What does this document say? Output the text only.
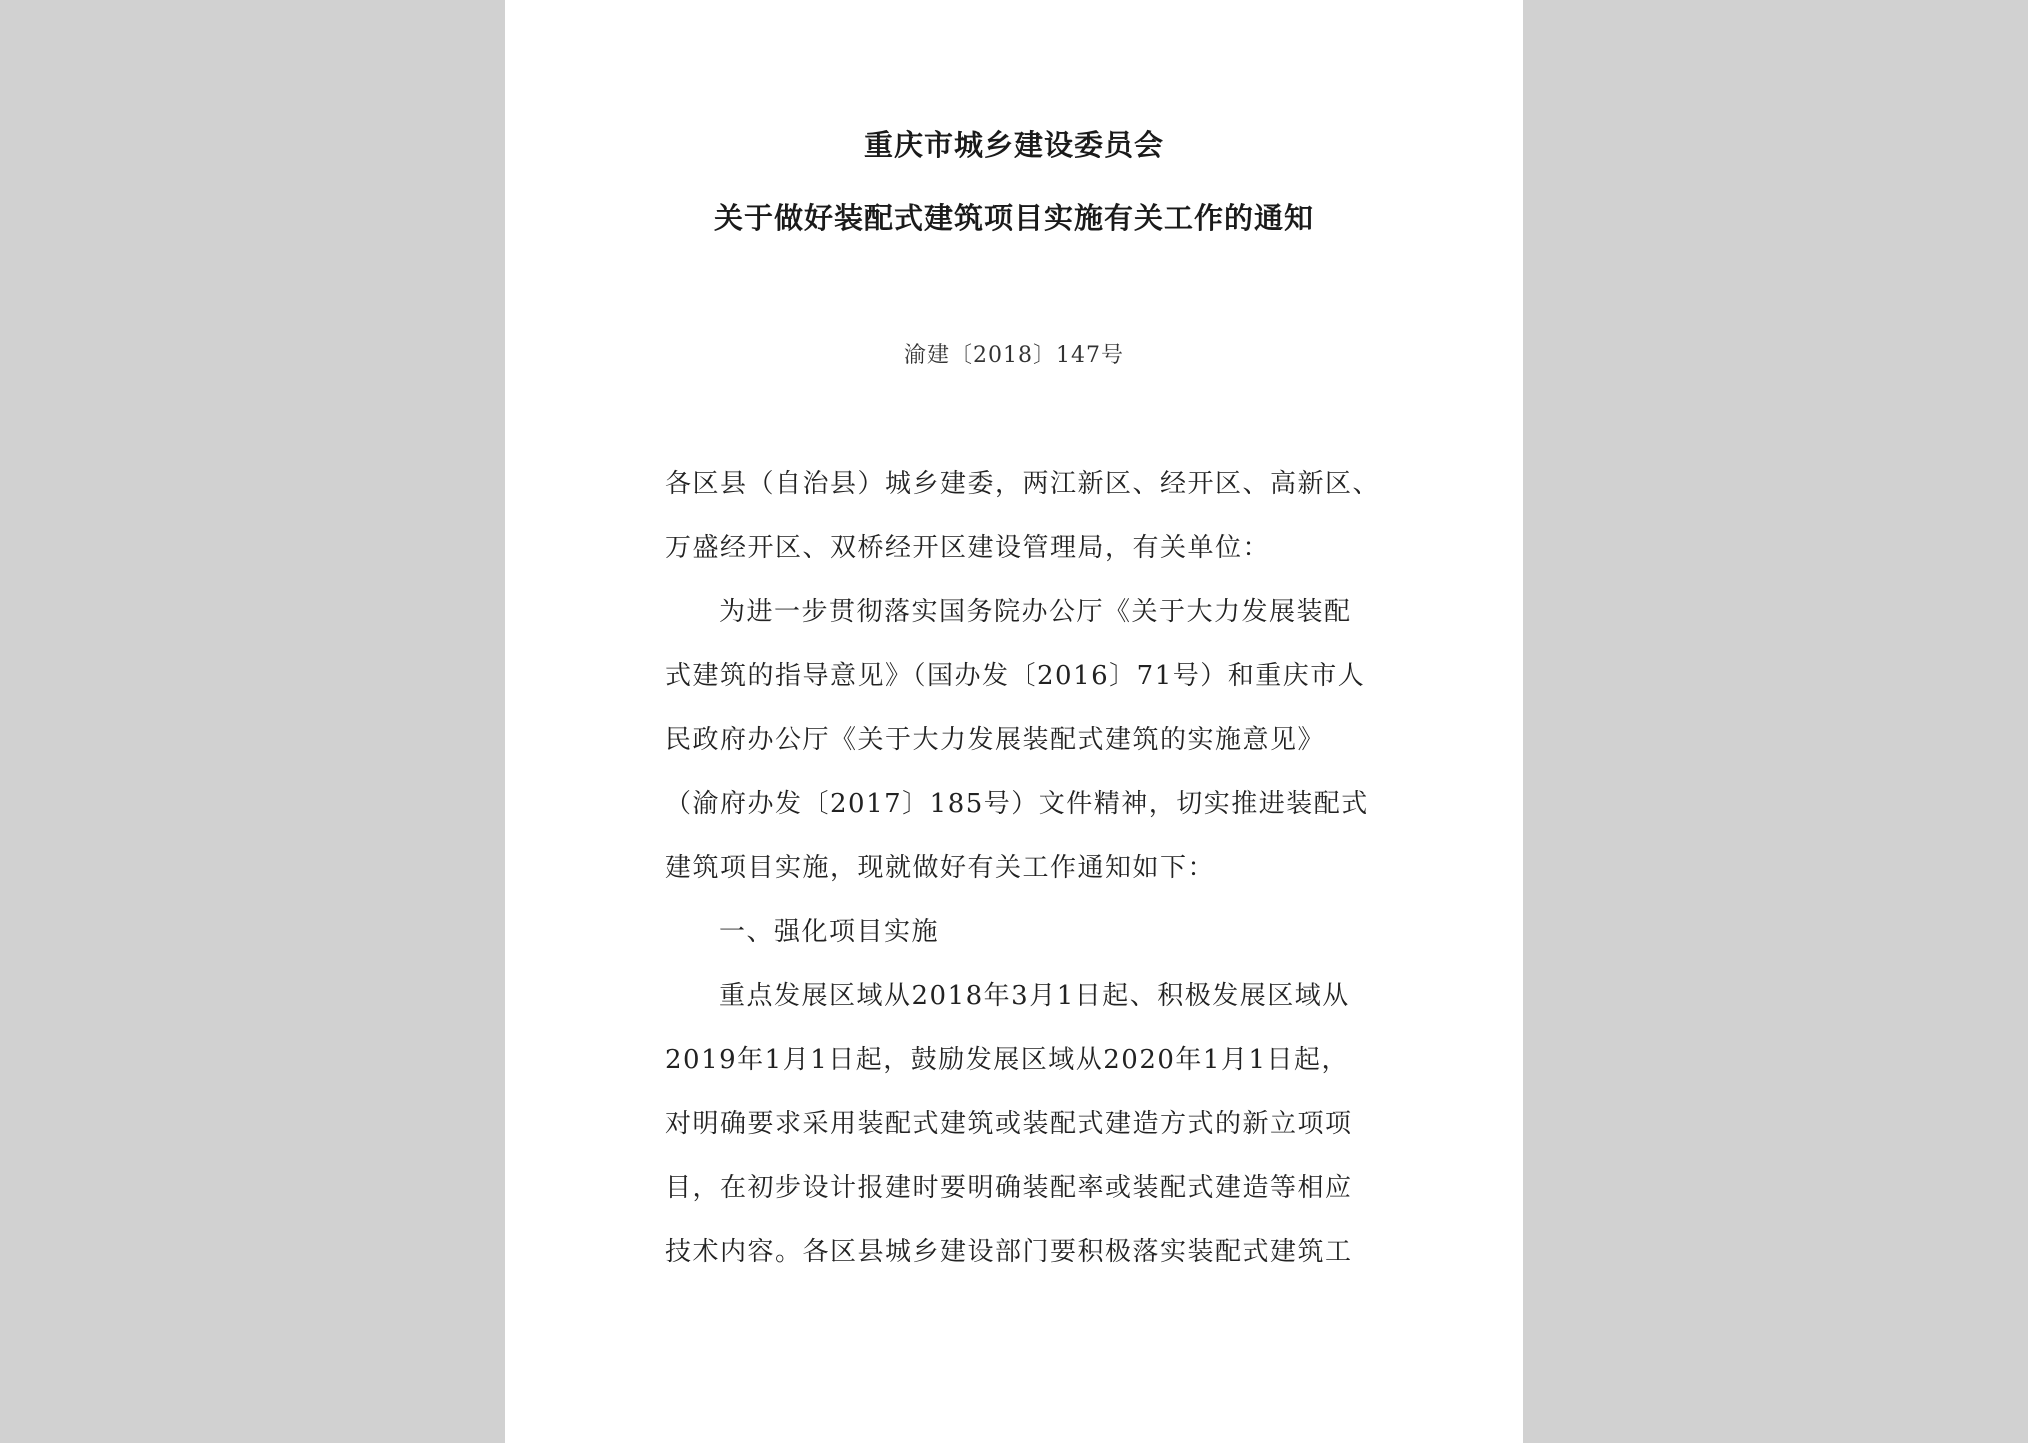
重庆市城乡建设委员会
关于做好装配式建筑项目实施有关工作的通知
渝建〔2018〕147号
各区县（自治县）城乡建委，两江新区、经开区、高新区、
万盛经开区、双桥经开区建设管理局，有关单位：
为进一步贯彻落实国务院办公厅《关于大力发展装配
式建筑的指导意见》（国办发〔2016〕71号）和重庆市人
民政府办公厅《关于大力发展装配式建筑的实施意见》
（渝府办发〔2017〕185号）文件精神，切实推进装配式
建筑项目实施，现就做好有关工作通知如下：
一、强化项目实施
重点发展区域从2018年3月1日起、积极发展区域从
2019年1月1日起，鼓励发展区域从2020年1月1日起，
对明确要求采用装配式建筑或装配式建造方式的新立项项
目，在初步设计报建时要明确装配率或装配式建造等相应
技术内容。各区县城乡建设部门要积极落实装配式建筑工
